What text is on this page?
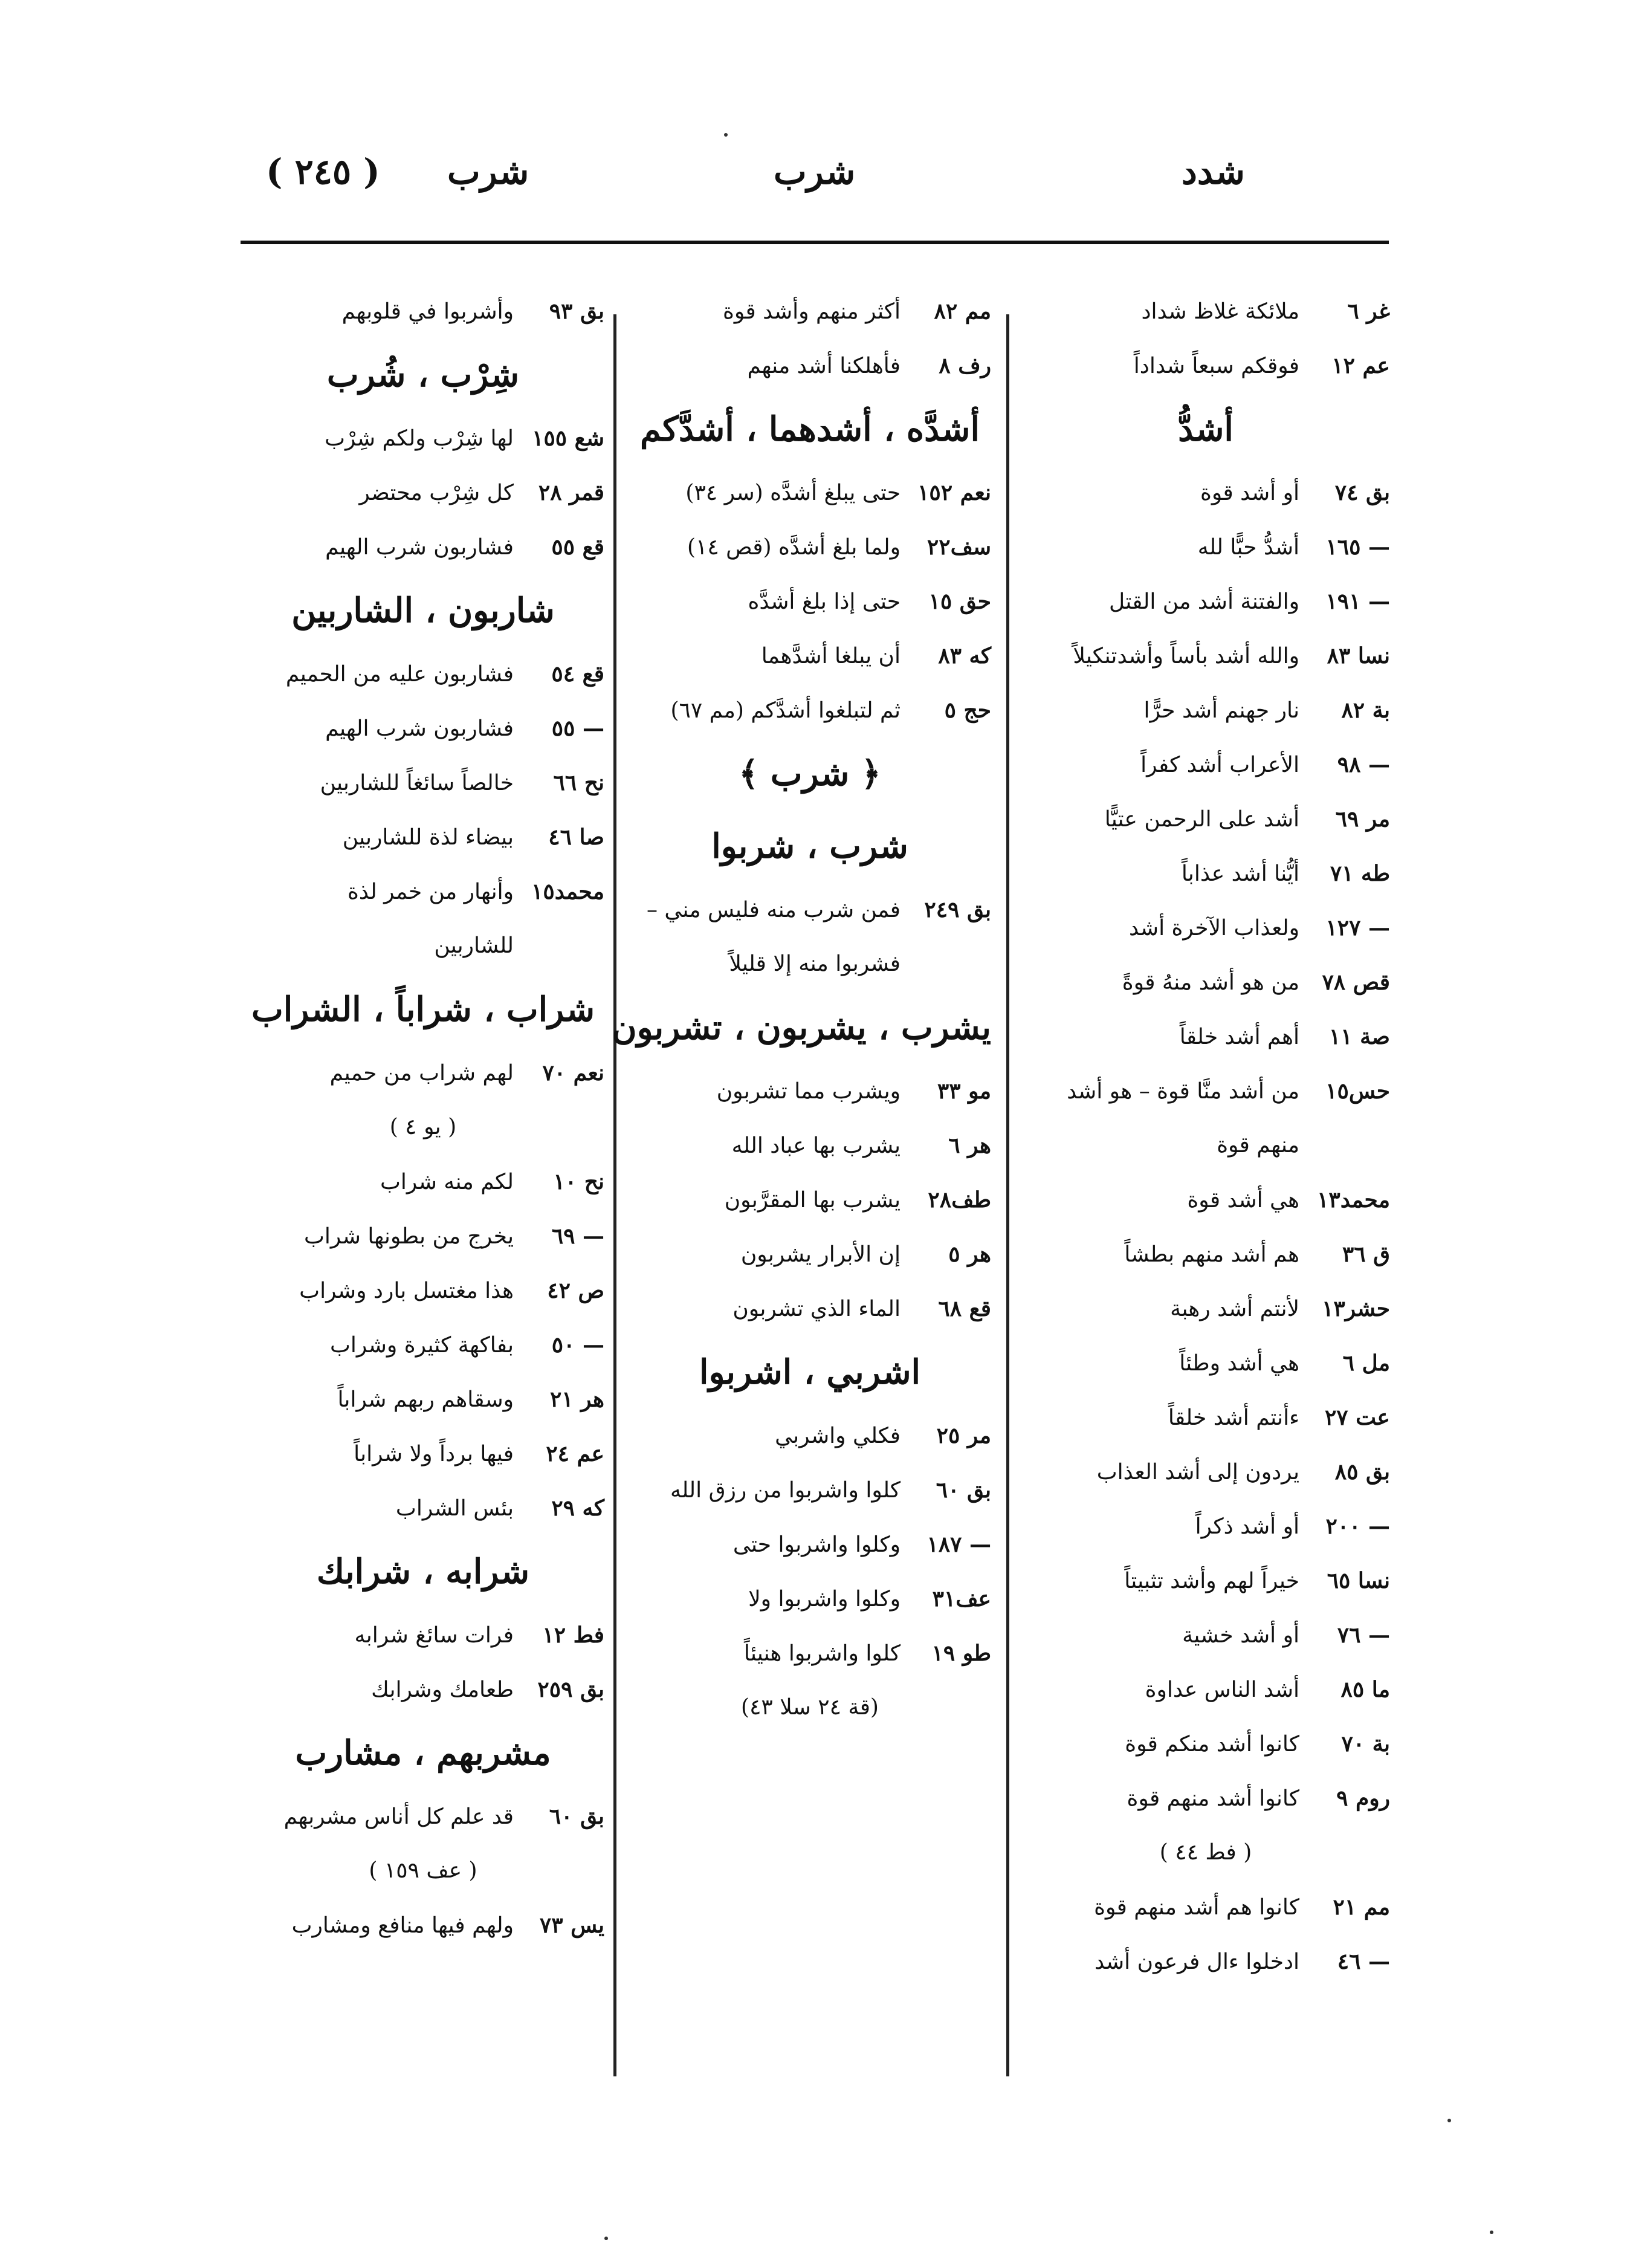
( ٢٤٥ ) شرب	شرب	شدد
غر ٦ملائكة غلاظ شداد
عم ١٢فوقكم سبعاً شداداً
أشدُّ
بق ٧٤أو أشد قوة
— ١٦٥أشدُّ حبًّا لله
— ١٩١والفتنة أشد من القتل
نسا ٨٣والله أشد بأساً وأشدتنكيلاً
بة ٨٢نار جهنم أشد حرًّا
— ٩٨الأعراب أشد كفراً
مر ٦٩أشد على الرحمن عتيًّا
طه ٧١أيُّنا أشد عذاباً
— ١٢٧ولعذاب الآخرة أشد
قص ٧٨من هو أشد منهُ قوةً
صة ١١أهم أشد خلقاً
حس١٥من أشد منَّا قوة – هو أشد
منهم قوة
محمد١٣هي أشد قوة
ق ٣٦هم أشد منهم بطشاً
حشر١٣لأنتم أشد رهبة
مل ٦هي أشد وطئاً
عت ٢٧ءأنتم أشد خلقاً
بق ٨٥يردون إلى أشد العذاب
— ٢٠٠أو أشد ذكراً
نسا ٦٥خيراً لهم وأشد تثبيتاً
— ٧٦أو أشد خشية
ما ٨٥أشد الناس عداوة
بة ٧٠كانوا أشد منكم قوة
روم ٩كانوا أشد منهم قوة
( فط ٤٤ )
مم ٢١كانوا هم أشد منهم قوة
— ٤٦ادخلوا ءال فرعون أشد
مم ٨٢أكثر منهم وأشد قوة
رف ٨فأهلكنا أشد منهم
أشدَّه ، أشدهما ، أشدَّكم
نعم ١٥٢حتى يبلغ أشدَّه (سر ٣٤)
سف٢٢ولما بلغ أشدَّه (قص ١٤)
حق ١٥حتى إذا بلغ أشدَّه
كه ٨٣أن يبلغا أشدَّهما
حج ٥ثم لتبلغوا أشدَّكم (مم ٦٧)
﴿ شرب ﴾
شرب ، شربوا
بق ٢٤٩فمن شرب منه فليس مني –
فشربوا منه إلا قليلاً
يشرب ، يشربون ، تشربون
مو ٣٣ويشرب مما تشربون
هر ٦يشرب بها عباد الله
طف٢٨يشرب بها المقرَّبون
هر ٥إن الأبرار يشربون
قع ٦٨الماء الذي تشربون
اشربي ، اشربوا
مر ٢٥فكلي واشربي
بق ٦٠كلوا واشربوا من رزق الله
— ١٨٧وكلوا واشربوا حتى
عف٣١وكلوا واشربوا ولا
طو ١٩كلوا واشربوا هنيئاً
(قة ٢٤ سلا ٤٣)
بق ٩٣وأشربوا في قلوبهم
شِرْب ، شُرب
شع ١٥٥لها شِرْب ولكم شِرْب
قمر ٢٨كل شِرْب محتضر
قع ٥٥فشاربون شرب الهيم
شاربون ، الشاربين
قع ٥٤فشاربون عليه من الحميم
— ٥٥فشاربون شرب الهيم
نح ٦٦خالصاً سائغاً للشاربين
صا ٤٦بيضاء لذة للشاربين
محمد١٥وأنهار من خمر لذة
للشاربين
شراب ، شراباً ، الشراب
نعم ٧٠لهم شراب من حميم
( يو ٤ )
نح ١٠لكم منه شراب
— ٦٩يخرج من بطونها شراب
ص ٤٢هذا مغتسل بارد وشراب
— ٥٠بفاكهة كثيرة وشراب
هر ٢١وسقاهم ربهم شراباً
عم ٢٤فيها برداً ولا شراباً
كه ٢٩بئس الشراب
شرابه ، شرابك
فط ١٢فرات سائغ شرابه
بق ٢٥٩طعامك وشرابك
مشربهم ، مشارب
بق ٦٠قد علم كل أناس مشربهم
( عف ١٥٩ )
يس ٧٣ولهم فيها منافع ومشارب
